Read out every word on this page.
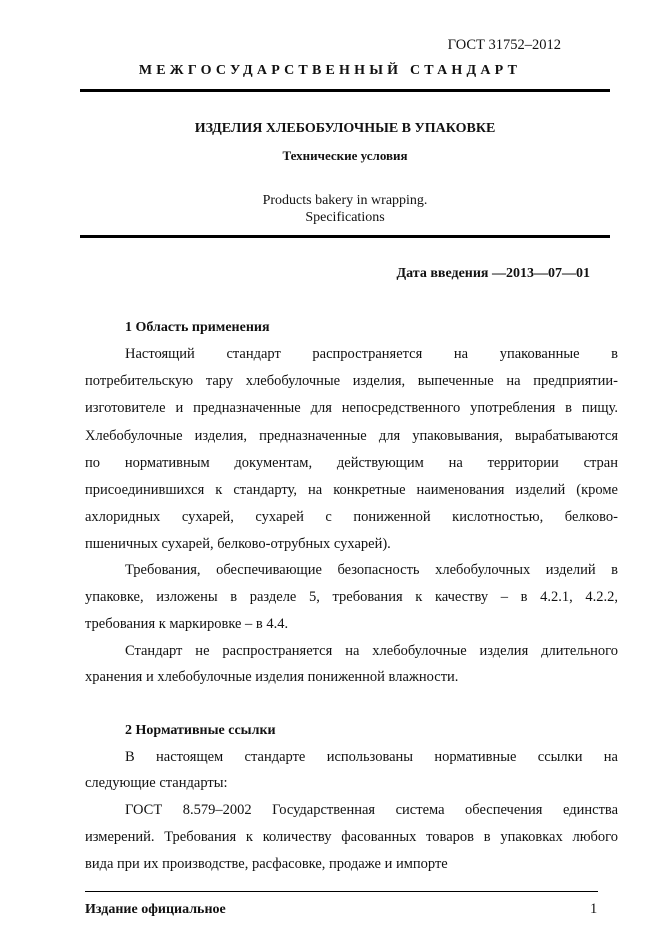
ГОСТ 31752–2012
МЕЖГОСУДАРСТВЕННЫЙ СТАНДАРТ
ИЗДЕЛИЯ ХЛЕБОБУЛОЧНЫЕ В УПАКОВКЕ
Технические условия
Products bakery in wrapping.
Specifications
Дата введения ––2013—07—01
1 Область применения
Настоящий стандарт распространяется на упакованные в
потребительскую тару хлебобулочные изделия, выпеченные на предприятии-
изготовителе и предназначенные для непосредственного употребления в пищу.
Хлебобулочные изделия, предназначенные для упаковывания, вырабатываются
по нормативным документам, действующим на территории стран
присоединившихся к стандарту, на конкретные наименования изделий (кроме
ахлоридных сухарей, сухарей с пониженной кислотностью, белково-
пшеничных сухарей, белково-отрубных сухарей).
Требования, обеспечивающие безопасность хлебобулочных изделий в
упаковке, изложены в разделе 5, требования к качеству – в 4.2.1, 4.2.2,
требования к маркировке – в 4.4.
Стандарт не распространяется на хлебобулочные изделия длительного
хранения и хлебобулочные изделия пониженной влажности.
2 Нормативные ссылки
В настоящем стандарте использованы нормативные ссылки на
следующие стандарты:
ГОСТ 8.579–2002 Государственная система обеспечения единства
измерений. Требования к количеству фасованных товаров в упаковках любого
вида при их производстве, расфасовке, продаже и импорте
Издание официальное	1
